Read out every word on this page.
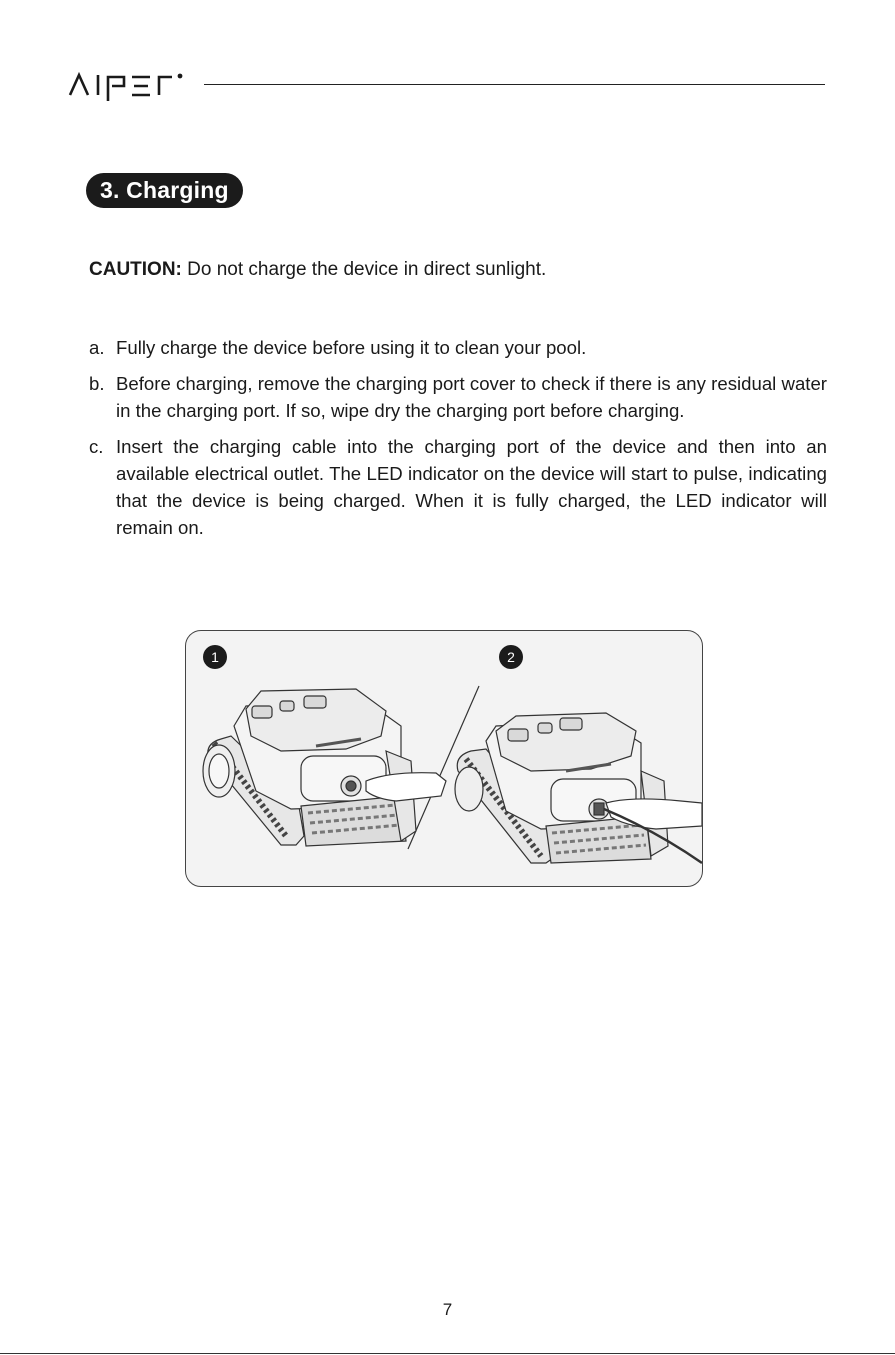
3. Charging
CAUTION: Do not charge the device in direct sunlight.
a. Fully charge the device before using it to clean your pool.
b. Before charging, remove the charging port cover to check if there is any residual water in the charging port. If so, wipe dry the charging port before charging.
c. Insert the charging cable into the charging port of the device and then into an available electrical outlet. The LED indicator on the device will start to pulse, indicating that the device is being charged. When it is fully charged, the LED indicator will remain on.
1	2
7
